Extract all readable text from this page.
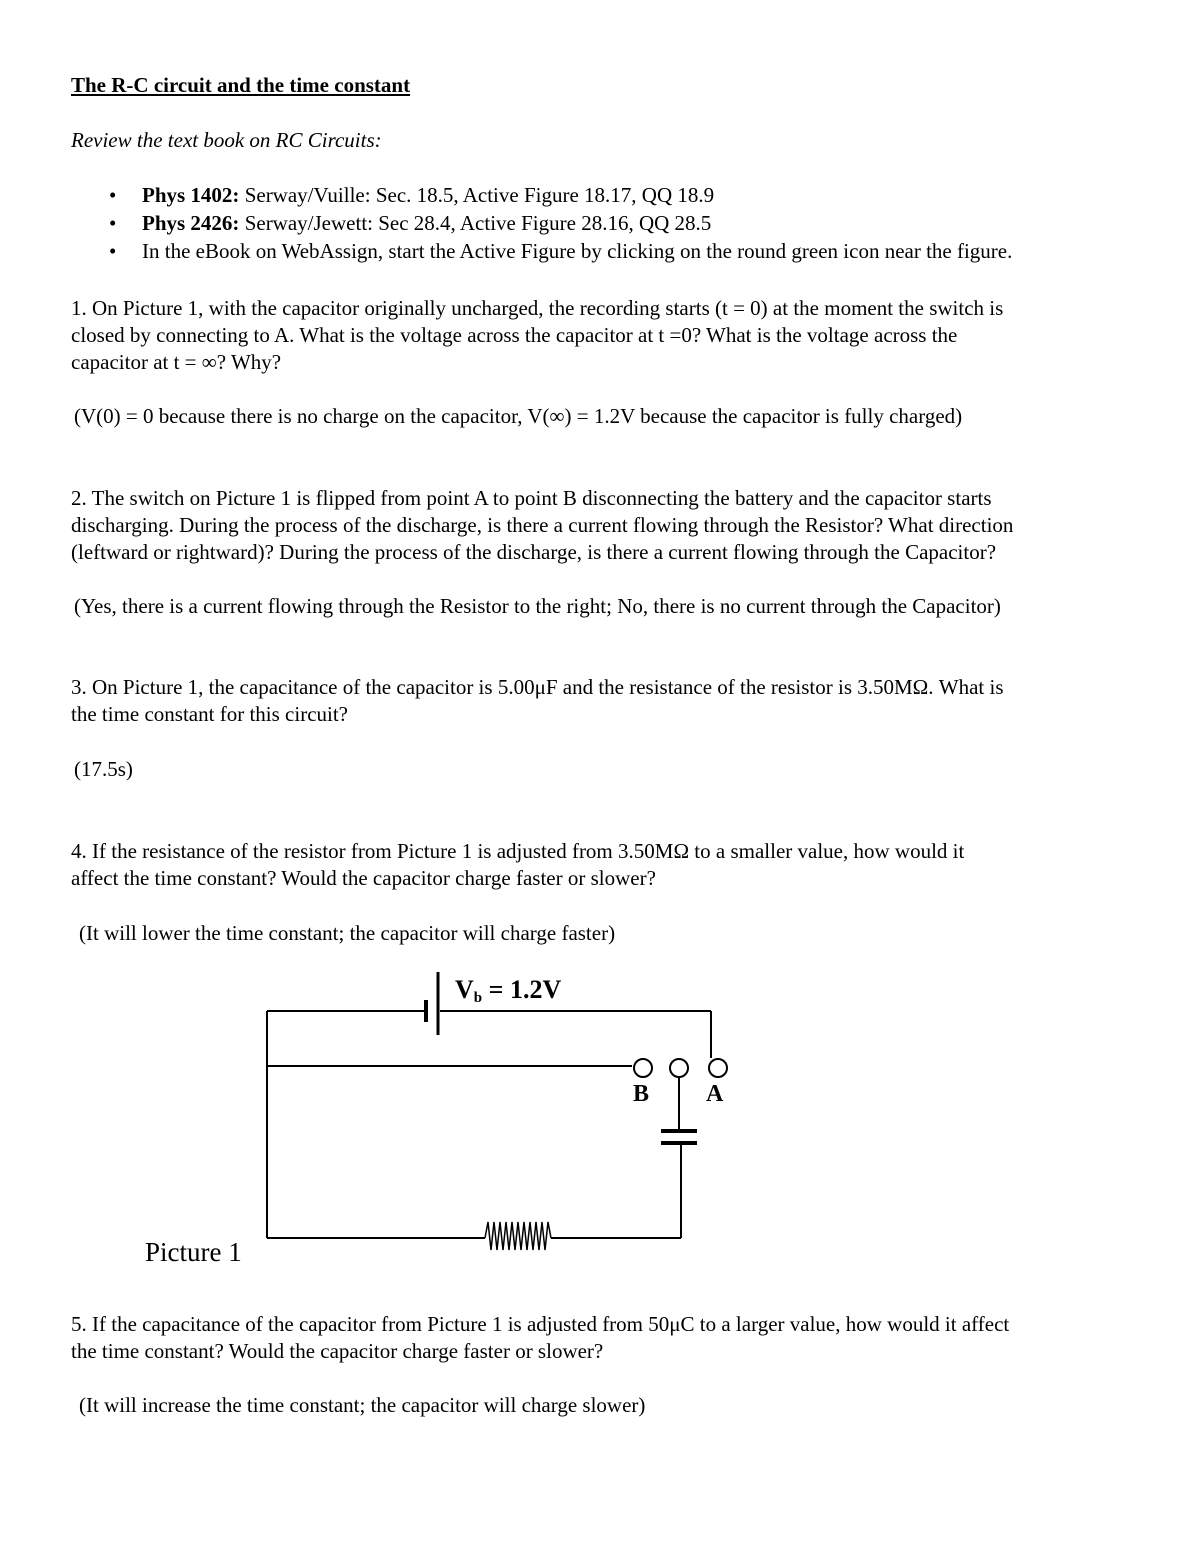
The R-C circuit and the time constant

Review the text book on RC Circuits:

• Phys 1402: Serway/Vuille: Sec. 18.5, Active Figure 18.17, QQ 18.9
• Phys 2426: Serway/Jewett: Sec 28.4, Active Figure 28.16, QQ 28.5
• In the eBook on WebAssign, start the Active Figure by clicking on the round green icon near the figure.
1. On Picture 1, with the capacitor originally uncharged, the recording starts (t = 0) at the moment the switch is
closed by connecting to A. What is the voltage across the capacitor at t =0? What is the voltage across the
capacitor at t = ∞? Why?
(V(0) = 0 because there is no charge on the capacitor, V(∞) = 1.2V because the capacitor is fully charged)
2. The switch on Picture 1 is flipped from point A to point B disconnecting the battery and the capacitor starts
discharging. During the process of the discharge, is there a current flowing through the Resistor? What direction
(leftward or rightward)? During the process of the discharge, is there a current flowing through the Capacitor?
(Yes, there is a current flowing through the Resistor to the right; No, there is no current through the Capacitor)
3. On Picture 1, the capacitance of the capacitor is 5.00μF and the resistance of the resistor is 3.50MΩ. What is
the time constant for this circuit?
(17.5s)
4. If the resistance of the resistor from Picture 1 is adjusted from 3.50MΩ to a smaller value, how would it
affect the time constant? Would the capacitor charge faster or slower?
(It will lower the time constant; the capacitor will charge faster)
Vb = 1.2V
B A
Picture 1
5. If the capacitance of the capacitor from Picture 1 is adjusted from 50μC to a larger value, how would it affect
the time constant? Would the capacitor charge faster or slower?
(It will increase the time constant; the capacitor will charge slower)
